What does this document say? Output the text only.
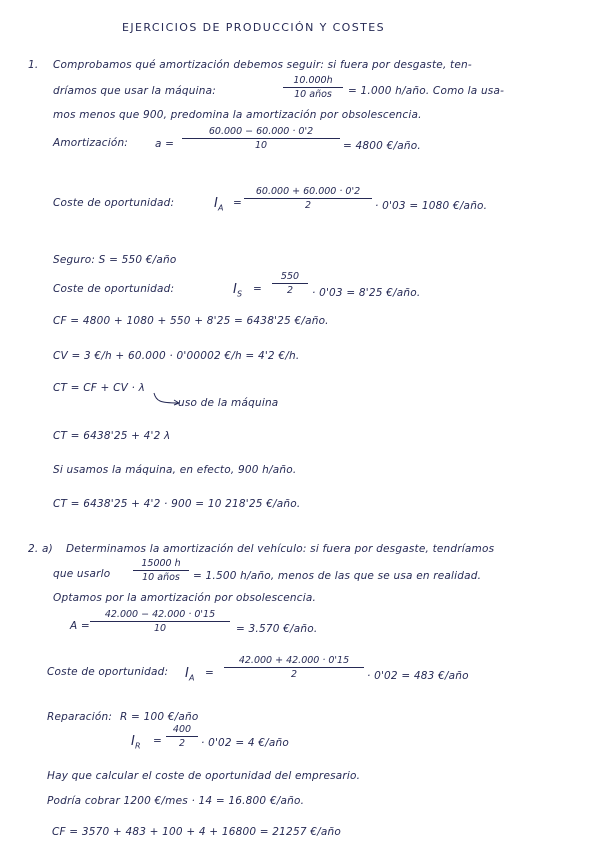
EJERCICIOS DE PRODUCCIÓN Y COSTES
1. Comprobamos qué amortización debemos seguir: si fuera por desgaste, ten-
dríamos que usar la máquina:
10.000h
10 años	= 1.000 h/año. Como la usa-
mos menos que 900, predomina la amortización por obsolescencia.
Amortización:	a =
60.000 − 60.000 · 0'2
10	= 4800 €/año.
Coste de oportunidad:	$I_A$ =
60.000 + 60.000 · 0'2
2	· 0'03 = 1080 €/año.
Seguro: S = 550 €/año
Coste de oportunidad:	$I_S$ =
550
2	· 0'03 = 8'25 €/año.
CF = 4800 + 1080 + 550 + 8'25 = 6438'25 €/año.
CV = 3 €/h + 60.000 · 0'00002 €/h = 4'2 €/h.
CT = CF + CV · λ
uso de la máquina
CT = 6438'25 + 4'2 λ
Si usamos la máquina, en efecto, 900 h/año.
CT = 6438'25 + 4'2 · 900 = 10 218'25 €/año.
2. a) Determinamos la amortización del vehículo: si fuera por desgaste, tendríamos
que usarlo
15000 h
10 años	= 1.500 h/año, menos de las que se usa en realidad.
Optamos por la amortización por obsolescencia.
A =
42.000 − 42.000 · 0'15
10	= 3.570 €/año.
Coste de oportunidad: $I_A$ =
42.000 + 42.000 · 0'15
2	· 0'02 = 483 €/año
Reparación: R = 100 €/año
$I_R$ =
400
2	· 0'02 = 4 €/año
Hay que calcular el coste de oportunidad del empresario.
Podría cobrar 1200 €/mes · 14 = 16.800 €/año.
CF = 3570 + 483 + 100 + 4 + 16800 = 21257 €/año
